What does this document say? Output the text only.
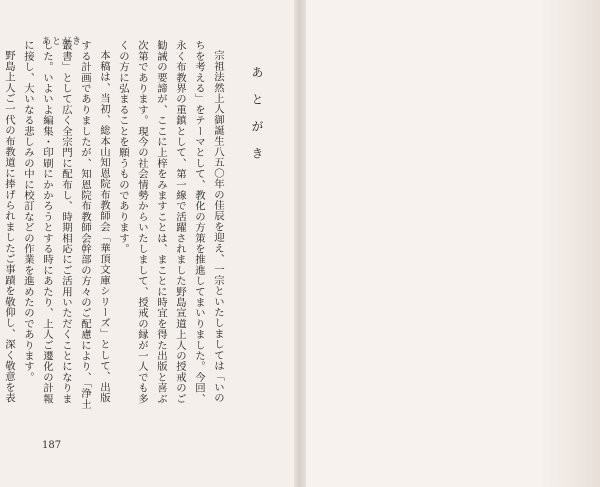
あとがき
あとがき
宗祖法然上人御誕生八五〇年の佳辰を迎え、一宗といたしましては「いのちを考える」をテーマとして、教化の方策を推進してまいりました。今回、永く布教界の重鎮として、第一線で活躍されました野島宣道上人の授戒のご勧誡の要諦が、ここに上梓をみますことは、まことに時宜を得た出版と喜ぶ次第であります。現今の社会情勢からいたしまして、授戒の縁が一人でも多くの方に弘まることを願うものであります。
本稿は、当初、総本山知恩院布教師会「華頂文庫シリーズ」として、出版する計画でありましたが、知恩院布教師会幹部の方々のご配慮により、「浄土叢書」として広く全宗門に配布し、時期相応にご活用いただくことになりました。いよいよ編集・印刷にかかろうとする時にあたり、上人ご遷化の計報に接し、大いなる悲しみの中に校訂などの作業を進めたのであります。
野島上人ご一代の布教道に捧げられましたご事蹟を敬仰し、深く敬意を表
187
